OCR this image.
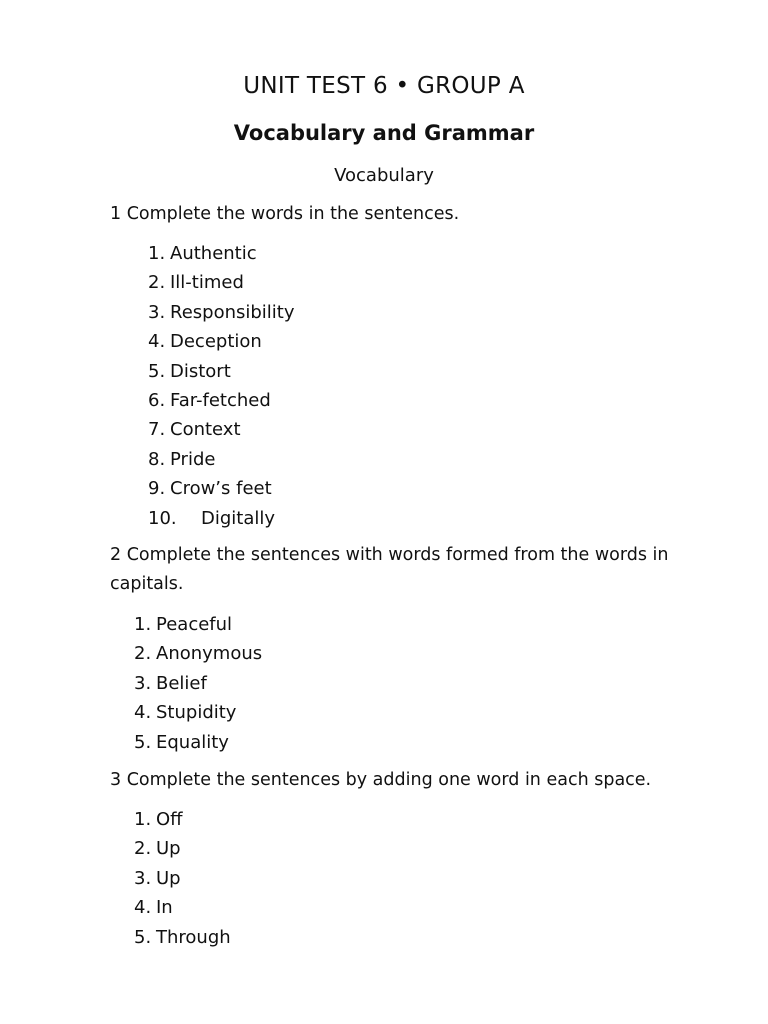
UNIT TEST 6 • GROUP A
Vocabulary and Grammar
Vocabulary
1 Complete the words in the sentences.
1. Authentic
2. Ill-timed
3. Responsibility
4. Deception
5. Distort
6. Far-fetched
7. Context
8. Pride
9. Crow’s feet
10. Digitally
2 Complete the sentences with words formed from the words in capitals.
1. Peaceful
2. Anonymous
3. Belief
4. Stupidity
5. Equality
3 Complete the sentences by adding one word in each space.
1. Off
2. Up
3. Up
4. In
5. Through
